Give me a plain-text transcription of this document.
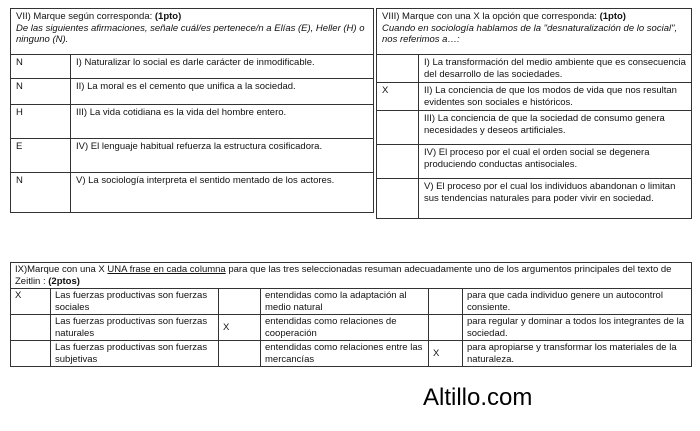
VII) Marque según corresponda: (1pto)
De las siguientes afirmaciones, señale cuál/es pertenece/n a Elías (E), Heller (H) o ninguno (N).	

N	I) Naturalizar lo social es darle carácter de inmodificable.
N	II) La moral es el cemento que unifica a la sociedad.
H	III) La vida cotidiana es la vida del hombre entero.
E	IV) El lenguaje habitual refuerza la estructura cosificadora.
N	V) La sociología interpreta el sentido mentado de los actores.
VIII) Marque con una X la opción que corresponda: (1pto)
Cuando en sociología hablamos de la "desnaturalización de lo social", nos referimos a…:	

	I) La transformación del medio ambiente que es consecuencia del desarrollo de las sociedades.
X	II) La conciencia de que los modos de vida que nos resultan evidentes son sociales e históricos.
	III) La conciencia de que la sociedad de consumo genera necesidades y deseos artificiales.
	IV) El proceso por el cual el orden social se degenera produciendo conductas antisociales.
	V) El proceso por el cual los individuos abandonan o limitan sus tendencias naturales para poder vivir en sociedad.
IX)Marque con una X UNA frase en cada columna para que las tres seleccionadas resuman adecuadamente uno de los argumentos principales del texto de Zeitlin : (2ptos)					
X	Las fuerzas productivas son fuerzas sociales		entendidas como la adaptación al medio natural		para que cada individuo genere un autocontrol consiente.
	Las fuerzas productivas son fuerzas naturales	X	entendidas como relaciones de cooperación		para regular y dominar a todos los integrantes de la sociedad.
	Las fuerzas productivas son fuerzas subjetivas		entendidas como relaciones entre las mercancías	X	para apropiarse y transformar los materiales de la naturaleza.
Altillo.com
